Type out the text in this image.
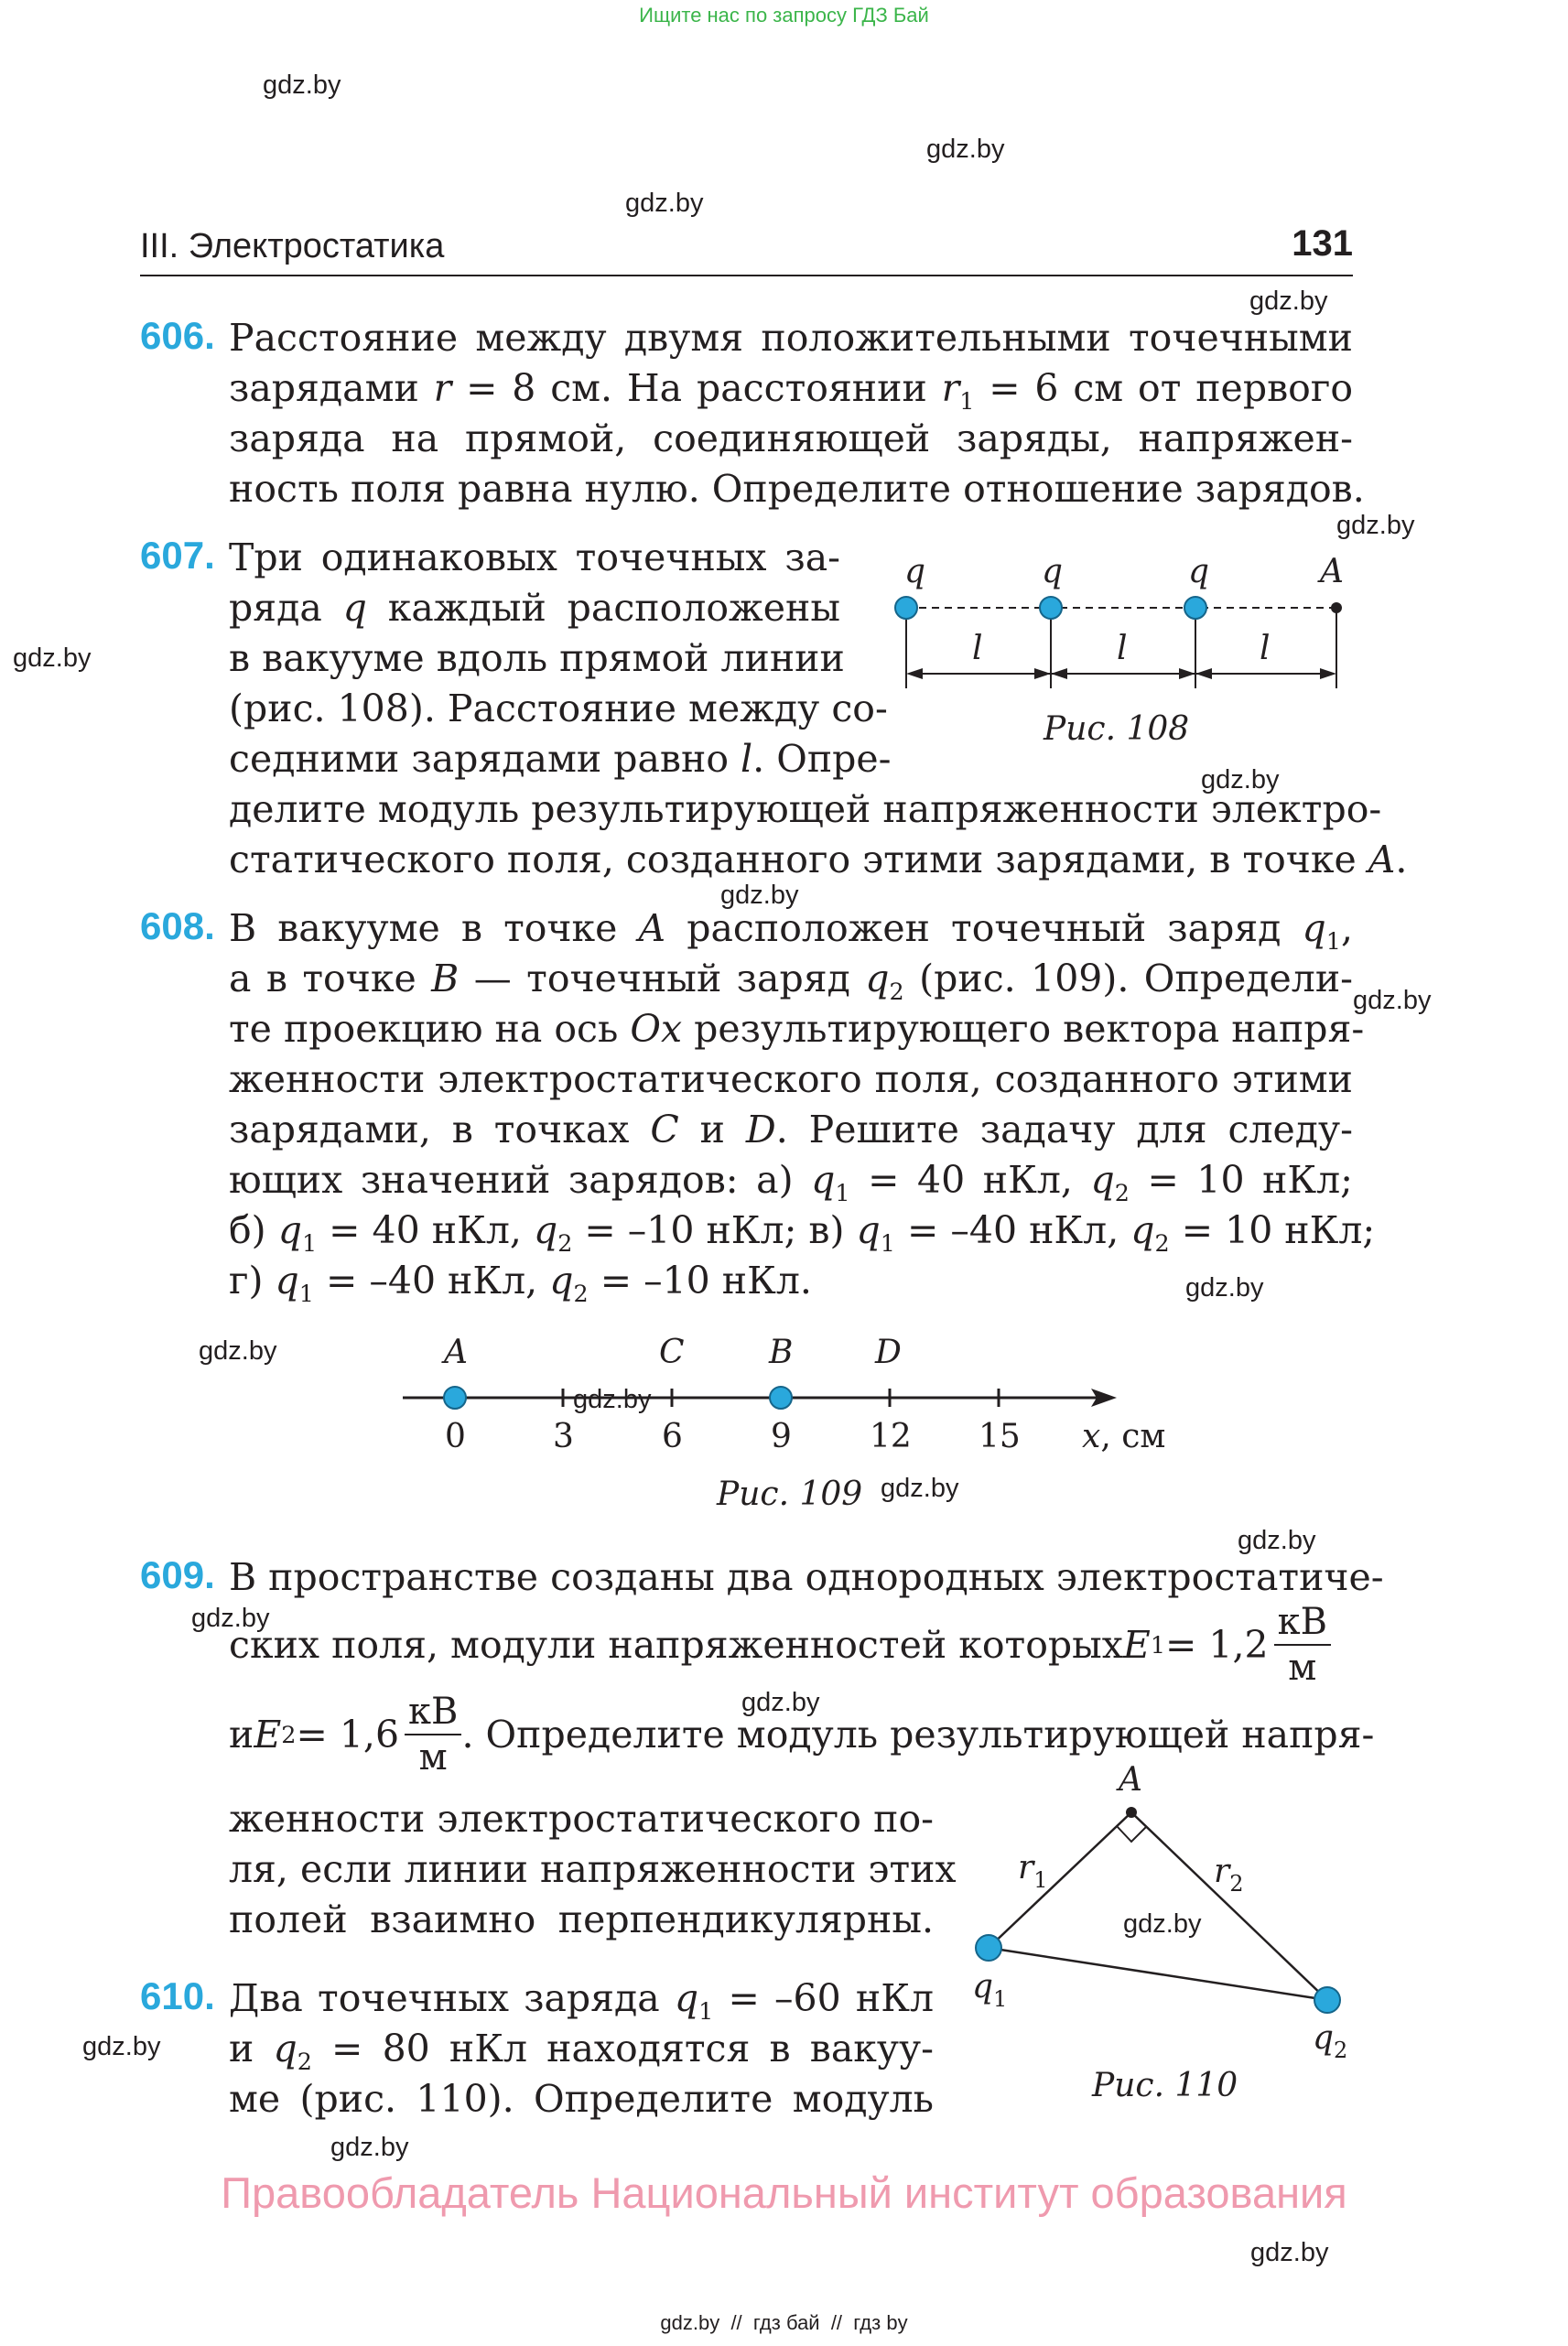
Ищите нас по запросу ГДЗ Бай
gdz.by
gdz.by
gdz.by
gdz.by
gdz.by
gdz.by
gdz.by
gdz.by
gdz.by
gdz.by
gdz.by
gdz.by
gdz.by
gdz.by
gdz.by
gdz.by
gdz.by
gdz.by
gdz.by
gdz.by
III. Электростатика	131
606. Расстояние между двумя положительными точечными
зарядами r = 8 см. На расстоянии $r_1 = 6$ см от первого
заряда на прямой, соединяющей заряды, напряжен-
ность поля равна нулю. Определите отношение зарядов.
607. Три одинаковых точечных за-
ряда q каждый расположены
в вакууме вдоль прямой линии
(рис. 108). Расстояние между со-
седними зарядами равно l. Опре-
делите модуль результирующей напряженности электро-
статического поля, созданного этими зарядами, в точке A.
q	q	q	A
l	l	l
Рис. 108
608. В вакууме в точке A расположен точечный заряд $q_1$,
а в точке B — точечный заряд $q_2$ (рис. 109). Определи-
те проекцию на ось Ox результирующего вектора напря-
женности электростатического поля, созданного этими
зарядами, в точках C и D. Решите задачу для следу-
ющих значений зарядов: а) $q_1 = 40$ нКл, $q_2 = 10$ нКл;
б) $q_1 = 40$ нКл, $q_2 = -10$ нКл; в) $q_1 = -40$ нКл, $q_2 = 10$ нКл;
г) $q_1 = -40$ нКл, $q_2 = -10$ нКл.
A	C	B D
0	3	6	9 12 15 x, см
Рис. 109
609. В пространстве созданы два однородных электростатиче-
ских поля, модули напряженностей которых E $1 = 1,2 \frac{кВ}{м}$
и E $2 = 1,6 \frac{кВ}{м}$ . Определите модуль результирующей напря-
женности электростатического по-
ля, если линии напряженности этих
полей взаимно перпендикулярны.
610. Два точечных заряда $q_1 = -60$ нКл
и $q_2 = 80$ нКл находятся в вакуу-
ме (рис. 110). Определите модуль
A
$r_1$	$r_2$
$q_1$
$q_2$
Рис. 110
Правообладатель Национальный институт образования
gdz.by  //  гдз бай  //  гдз by
